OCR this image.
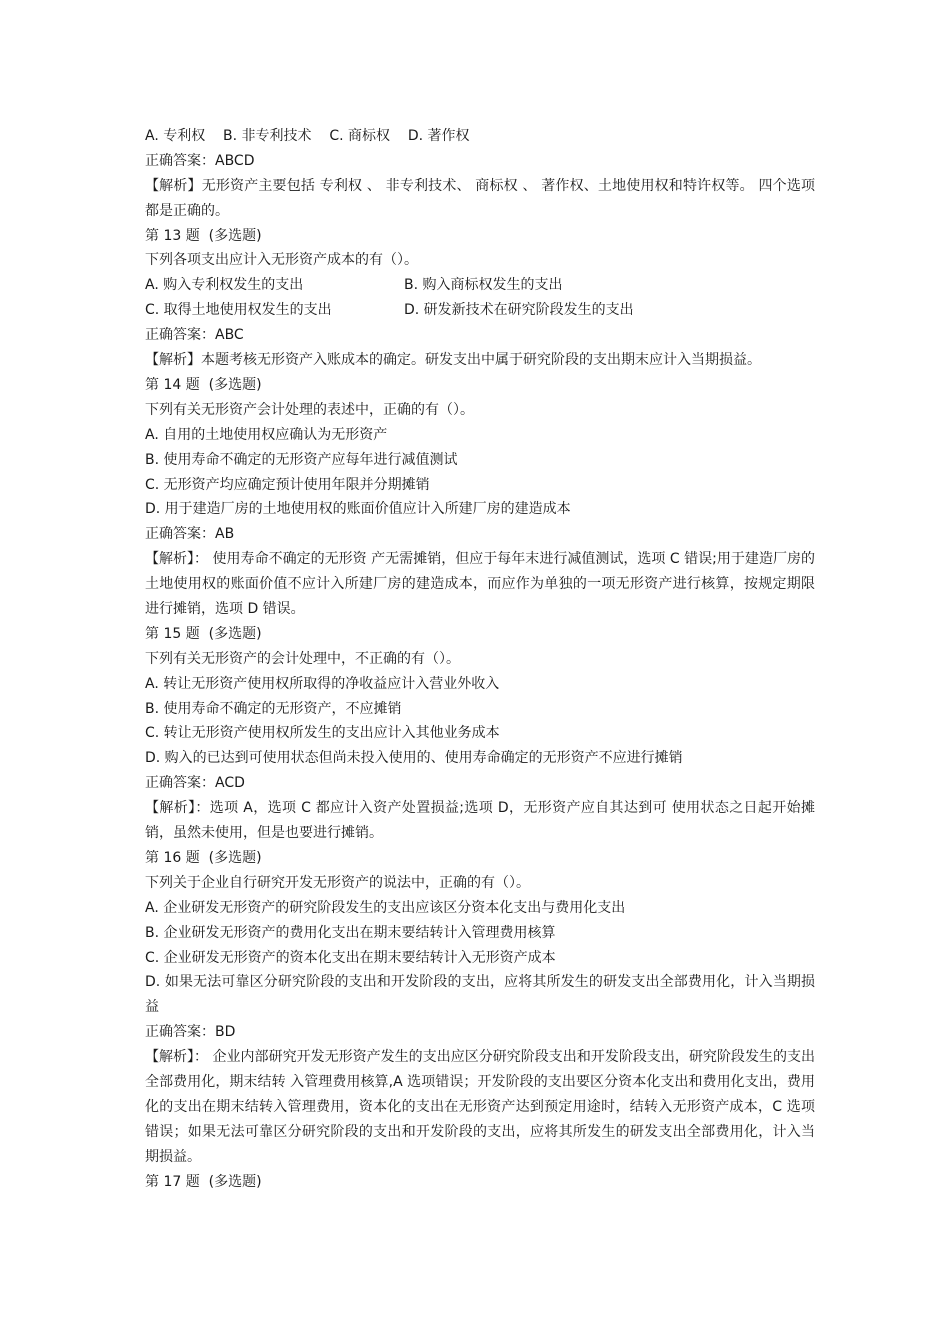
A. 专利权    B. 非专利技术    C. 商标权    D. 著作权
正确答案：ABCD
【解析】无形资产主要包括 专利权 、 非专利技术、 商标权 、 著作权、土地使用权和特许权等。 四个选项都是正确的。
第 13 题  (多选题)
下列各项支出应计入无形资产成本的有（）。
A. 购入专利权发生的支出	B. 购入商标权发生的支出
C. 取得土地使用权发生的支出	D. 研发新技术在研究阶段发生的支出
正确答案：ABC
【解析】本题考核无形资产入账成本的确定。研发支出中属于研究阶段的支出期末应计入当期损益。
第 14 题  (多选题)
下列有关无形资产会计处理的表述中，正确的有（）。
A. 自用的土地使用权应确认为无形资产
B. 使用寿命不确定的无形资产应每年进行减值测试
C. 无形资产均应确定预计使用年限并分期摊销
D. 用于建造厂房的土地使用权的账面价值应计入所建厂房的建造成本
正确答案：AB
【解析】： 使用寿命不确定的无形资 产无需摊销，但应于每年末进行减值测试，选项 C 错误;用于建造厂房的土地使用权的账面价值不应计入所建厂房的建造成本，而应作为单独的一项无形资产进行核算，按规定期限进行摊销，选项 D 错误。
第 15 题  (多选题)
下列有关无形资产的会计处理中，不正确的有（）。
A. 转让无形资产使用权所取得的净收益应计入营业外收入
B. 使用寿命不确定的无形资产，不应摊销
C. 转让无形资产使用权所发生的支出应计入其他业务成本
D. 购入的已达到可使用状态但尚未投入使用的、使用寿命确定的无形资产不应进行摊销
正确答案：ACD
【解析】：选项 A，选项 C 都应计入资产处置损益;选项 D，无形资产应自其达到可 使用状态之日起开始摊销，虽然未使用，但是也要进行摊销。
第 16 题  (多选题)
下列关于企业自行研究开发无形资产的说法中，正确的有（）。
A. 企业研发无形资产的研究阶段发生的支出应该区分资本化支出与费用化支出
B. 企业研发无形资产的费用化支出在期末要结转计入管理费用核算
C. 企业研发无形资产的资本化支出在期末要结转计入无形资产成本
D. 如果无法可靠区分研究阶段的支出和开发阶段的支出，应将其所发生的研发支出全部费用化，计入当期损益
正确答案：BD
【解析】： 企业内部研究开发无形资产发生的支出应区分研究阶段支出和开发阶段支出，研究阶段发生的支出全部费用化，期末结转 入管理费用核算,A 选项错误；开发阶段的支出要区分资本化支出和费用化支出，费用化的支出在期末结转入管理费用，资本化的支出在无形资产达到预定用途时，结转入无形资产成本，C 选项错误；如果无法可靠区分研究阶段的支出和开发阶段的支出，应将其所发生的研发支出全部费用化，计入当期损益。
第 17 题  (多选题)
